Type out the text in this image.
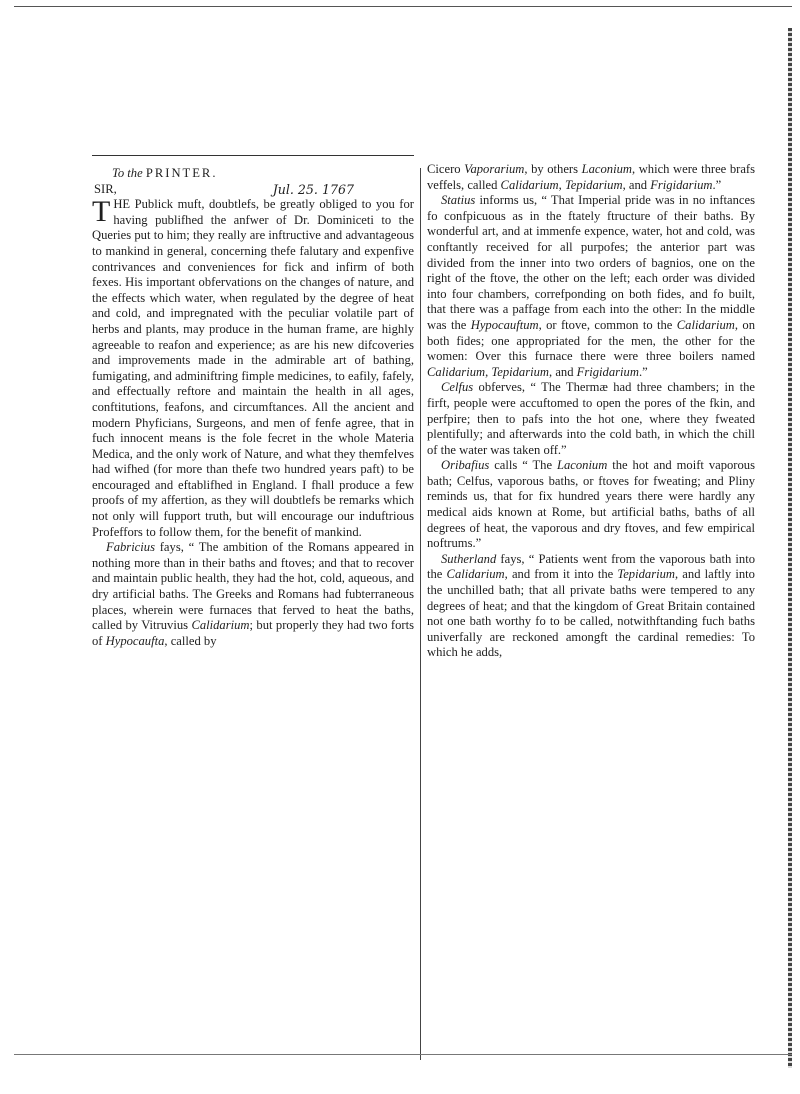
To the PRINTER.
SIR,	Jul. 25. 1767

THE Publick muft, doubtlefs, be greatly obliged to you for having publifhed the anfwer of Dr. Dominiceti to the Queries put to him; they really are inftructive and advantageous to mankind in general, concerning thefe falutary and expenfive contrivances and conveniences for fick and infirm of both fexes. His important obfervations on the changes of nature, and the effects which water, when regulated by the degree of heat and cold, and impregnated with the peculiar volatile part of herbs and plants, may produce in the human frame, are highly agreeable to reafon and experience; as are his new difcoveries and improvements made in the admirable art of bathing, fumigating, and adminiftring fimple medicines, to eafily, fafely, and effectually reftore and maintain the health in all ages, conftitutions, feafons, and circumftances. All the ancient and modern Phyficians, Surgeons, and men of fenfe agree, that in fuch innocent means is the fole fecret in the whole Materia Medica, and the only work of Nature, and what they themfelves had wifhed (for more than thefe two hundred years paft) to be encouraged and eftablifhed in England. I fhall produce a few proofs of my affertion, as they will doubtlefs be remarks which not only will fupport truth, but will encourage our induftrious Profeffors to follow them, for the benefit of mankind.

Fabricius fays, “ The ambition of the Romans appeared in nothing more than in their baths and ftoves; and that to recover and maintain public health, they had the hot, cold, aqueous, and dry artificial baths. The Greeks and Romans had fubterraneous places, wherein were furnaces that ferved to heat the baths, called by Vitruvius Calidarium; but properly they had two forts of Hypocaufta, called by

Cicero Vaporarium, by others Laconium, which were three brafs veffels, called Calidarium, Tepidarium, and Frigidarium.”

Statius informs us, “ That Imperial pride was in no inftances fo confpicuous as in the ftately ftructure of their baths. By wonderful art, and at immenfe expence, water, hot and cold, was conftantly received for all purpofes; the anterior part was divided from the inner into two orders of bagnios, one on the right of the ftove, the other on the left; each order was divided into four chambers, correfponding on both fides, and fo built, that there was a paffage from each into the other: In the middle was the Hypocauftum, or ftove, common to the Calidarium, on both fides; one appropriated for the men, the other for the women: Over this furnace there were three boilers named Calidarium, Tepidarium, and Frigidarium.”

Celfus obferves, “ The Thermæ had three chambers; in the firft, people were accuftomed to open the pores of the fkin, and perfpire; then to pafs into the hot one, where they fweated plentifully; and afterwards into the cold bath, in which the chill of the water was taken off.”

Oribafius calls “ The Laconium the hot and moift vaporous bath; Celfus, vaporous baths, or ftoves for fweating; and Pliny reminds us, that for fix hundred years there were hardly any medical aids known at Rome, but artificial baths, baths of all degrees of heat, the vaporous and dry ftoves, and few empirical noftrums.”

Sutherland fays, “ Patients went from the vaporous bath into the Calidarium, and from it into the Tepidarium, and laftly into the unchilled bath; that all private baths were tempered to any degrees of heat; and that the kingdom of Great Britain contained not one bath worthy fo to be called, notwithftanding fuch baths univerfally are reckoned amongft the cardinal remedies: To which he adds,
